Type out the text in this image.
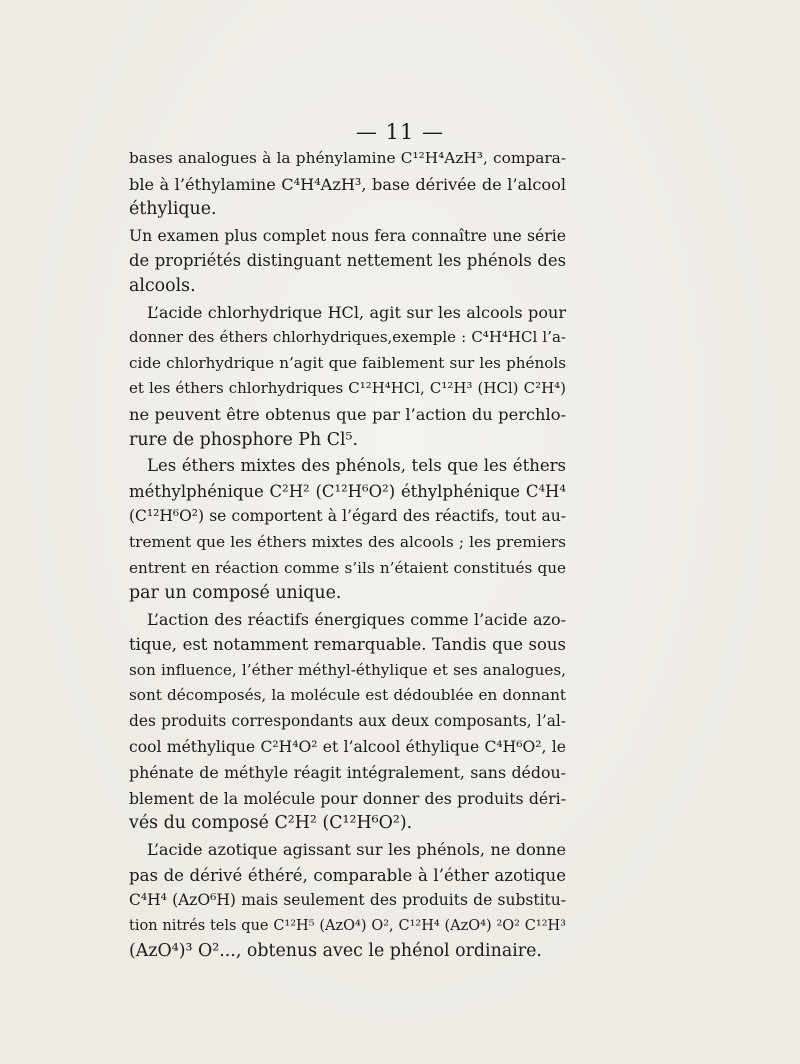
— 11 —
bases analogues à la phénylamine C¹²H⁴AzH³, compara-
ble à l’éthylamine C⁴H⁴AzH³, base dérivée de l’alcool
éthylique.
Un examen plus complet nous fera connaître une série
de propriétés distinguant nettement les phénols des
alcools.
L’acide chlorhydrique HCl, agit sur les alcools pour
donner des éthers chlorhydriques,exemple : C⁴H⁴HCl l’a-
cide chlorhydrique n’agit que faiblement sur les phénols
et les éthers chlorhydriques C¹²H⁴HCl, C¹²H³ (HCl) C²H⁴)
ne peuvent être obtenus que par l’action du perchlo-
rure de phosphore Ph Cl⁵.
Les éthers mixtes des phénols, tels que les éthers
méthylphénique C²H² (C¹²H⁶O²) éthylphénique C⁴H⁴
(C¹²H⁶O²) se comportent à l’égard des réactifs, tout au-
trement que les éthers mixtes des alcools ; les premiers
entrent en réaction comme s’ils n’étaient constitués que
par un composé unique.
L’action des réactifs énergiques comme l’acide azo-
tique, est notamment remarquable. Tandis que sous
son influence, l’éther méthyl-éthylique et ses analogues,
sont décomposés, la molécule est dédoublée en donnant
des produits correspondants aux deux composants, l’al-
cool méthylique C²H⁴O² et l’alcool éthylique C⁴H⁶O², le
phénate de méthyle réagit intégralement, sans dédou-
blement de la molécule pour donner des produits déri-
vés du composé C²H² (C¹²H⁶O²).
L’acide azotique agissant sur les phénols, ne donne
pas de dérivé éthéré, comparable à l’éther azotique
C⁴H⁴ (AzO⁶H) mais seulement des produits de substitu-
tion nitrés tels que C¹²H⁵ (AzO⁴) O², C¹²H⁴ (AzO⁴) ²O² C¹²H³
(AzO⁴)³ O²..., obtenus avec le phénol ordinaire.
